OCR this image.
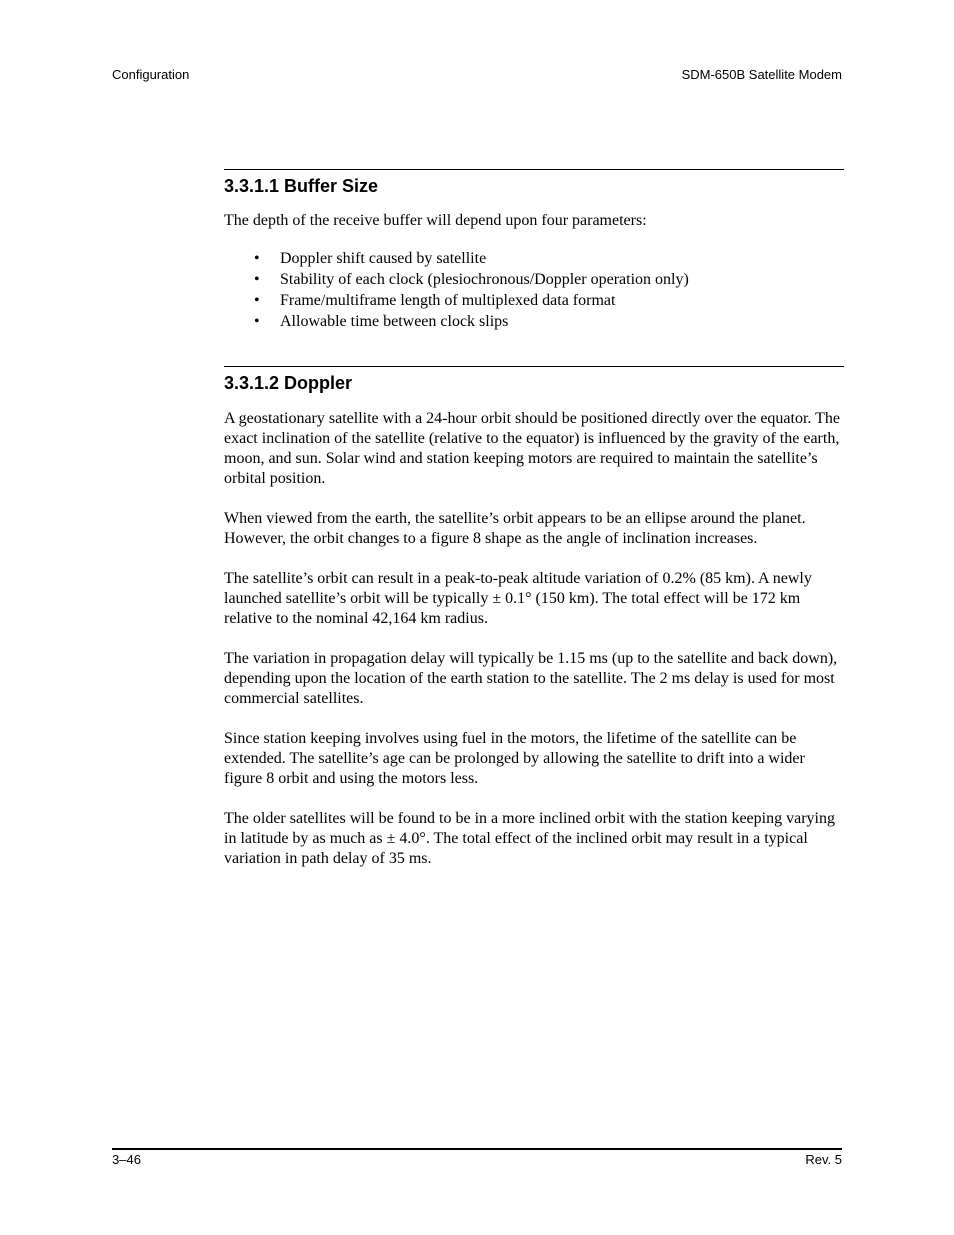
Configuration	SDM-650B Satellite Modem
3.3.1.1 Buffer Size

The depth of the receive buffer will depend upon four parameters:

• Doppler shift caused by satellite
• Stability of each clock (plesiochronous/Doppler operation only)
• Frame/multiframe length of multiplexed data format
• Allowable time between clock slips
3.3.1.2 Doppler

A geostationary satellite with a 24-hour orbit should be positioned directly over the equator. The exact inclination of the satellite (relative to the equator) is influenced by the gravity of the earth, moon, and sun. Solar wind and station keeping motors are required to maintain the satellite’s orbital position.

When viewed from the earth, the satellite’s orbit appears to be an ellipse around the planet. However, the orbit changes to a figure 8 shape as the angle of inclination increases.

The satellite’s orbit can result in a peak-to-peak altitude variation of 0.2% (85 km). A newly launched satellite’s orbit will be typically ± 0.1° (150 km). The total effect will be 172 km relative to the nominal 42,164 km radius.

The variation in propagation delay will typically be 1.15 ms (up to the satellite and back down), depending upon the location of the earth station to the satellite. The 2 ms delay is used for most commercial satellites.

Since station keeping involves using fuel in the motors, the lifetime of the satellite can be extended. The satellite’s age can be prolonged by allowing the satellite to drift into a wider figure 8 orbit and using the motors less.

The older satellites will be found to be in a more inclined orbit with the station keeping varying in latitude by as much as ± 4.0°. The total effect of the inclined orbit may result in a typical variation in path delay of 35 ms.

3–46	Rev. 5
